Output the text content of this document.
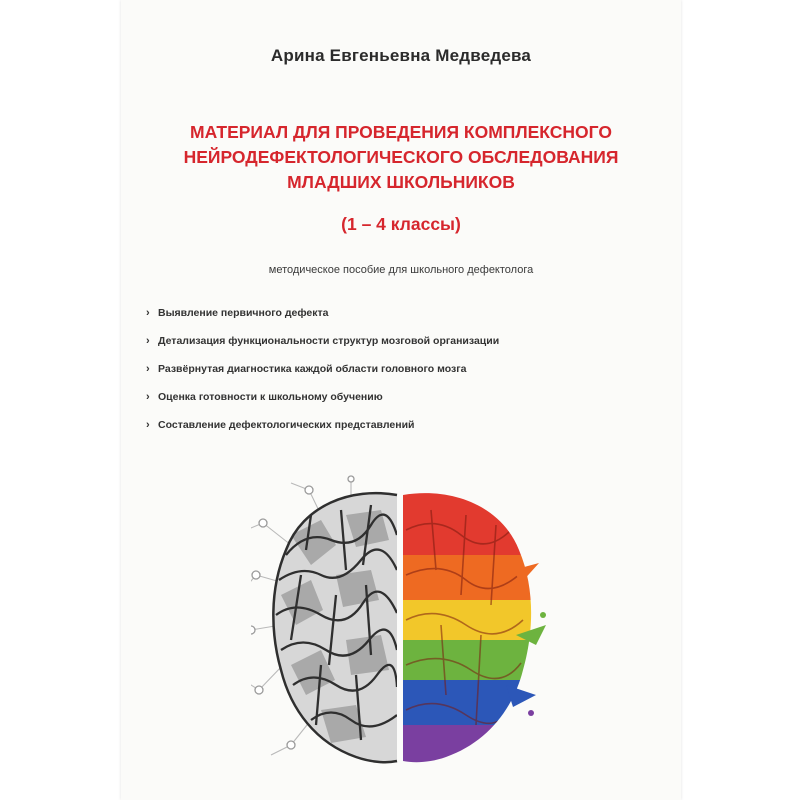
Арина Евгеньевна Медведева
МАТЕРИАЛ ДЛЯ ПРОВЕДЕНИЯ КОМПЛЕКСНОГО
НЕЙРОДЕФЕКТОЛОГИЧЕСКОГО ОБСЛЕДОВАНИЯ
МЛАДШИХ ШКОЛЬНИКОВ
(1 – 4 классы)
методическое пособие для школьного дефектолога
› Выявление первичного дефекта
› Детализация функциональности структур мозговой организации
› Развёрнутая диагностика каждой области головного мозга
› Оценка готовности к школьному обучению
› Составление дефектологических представлений
